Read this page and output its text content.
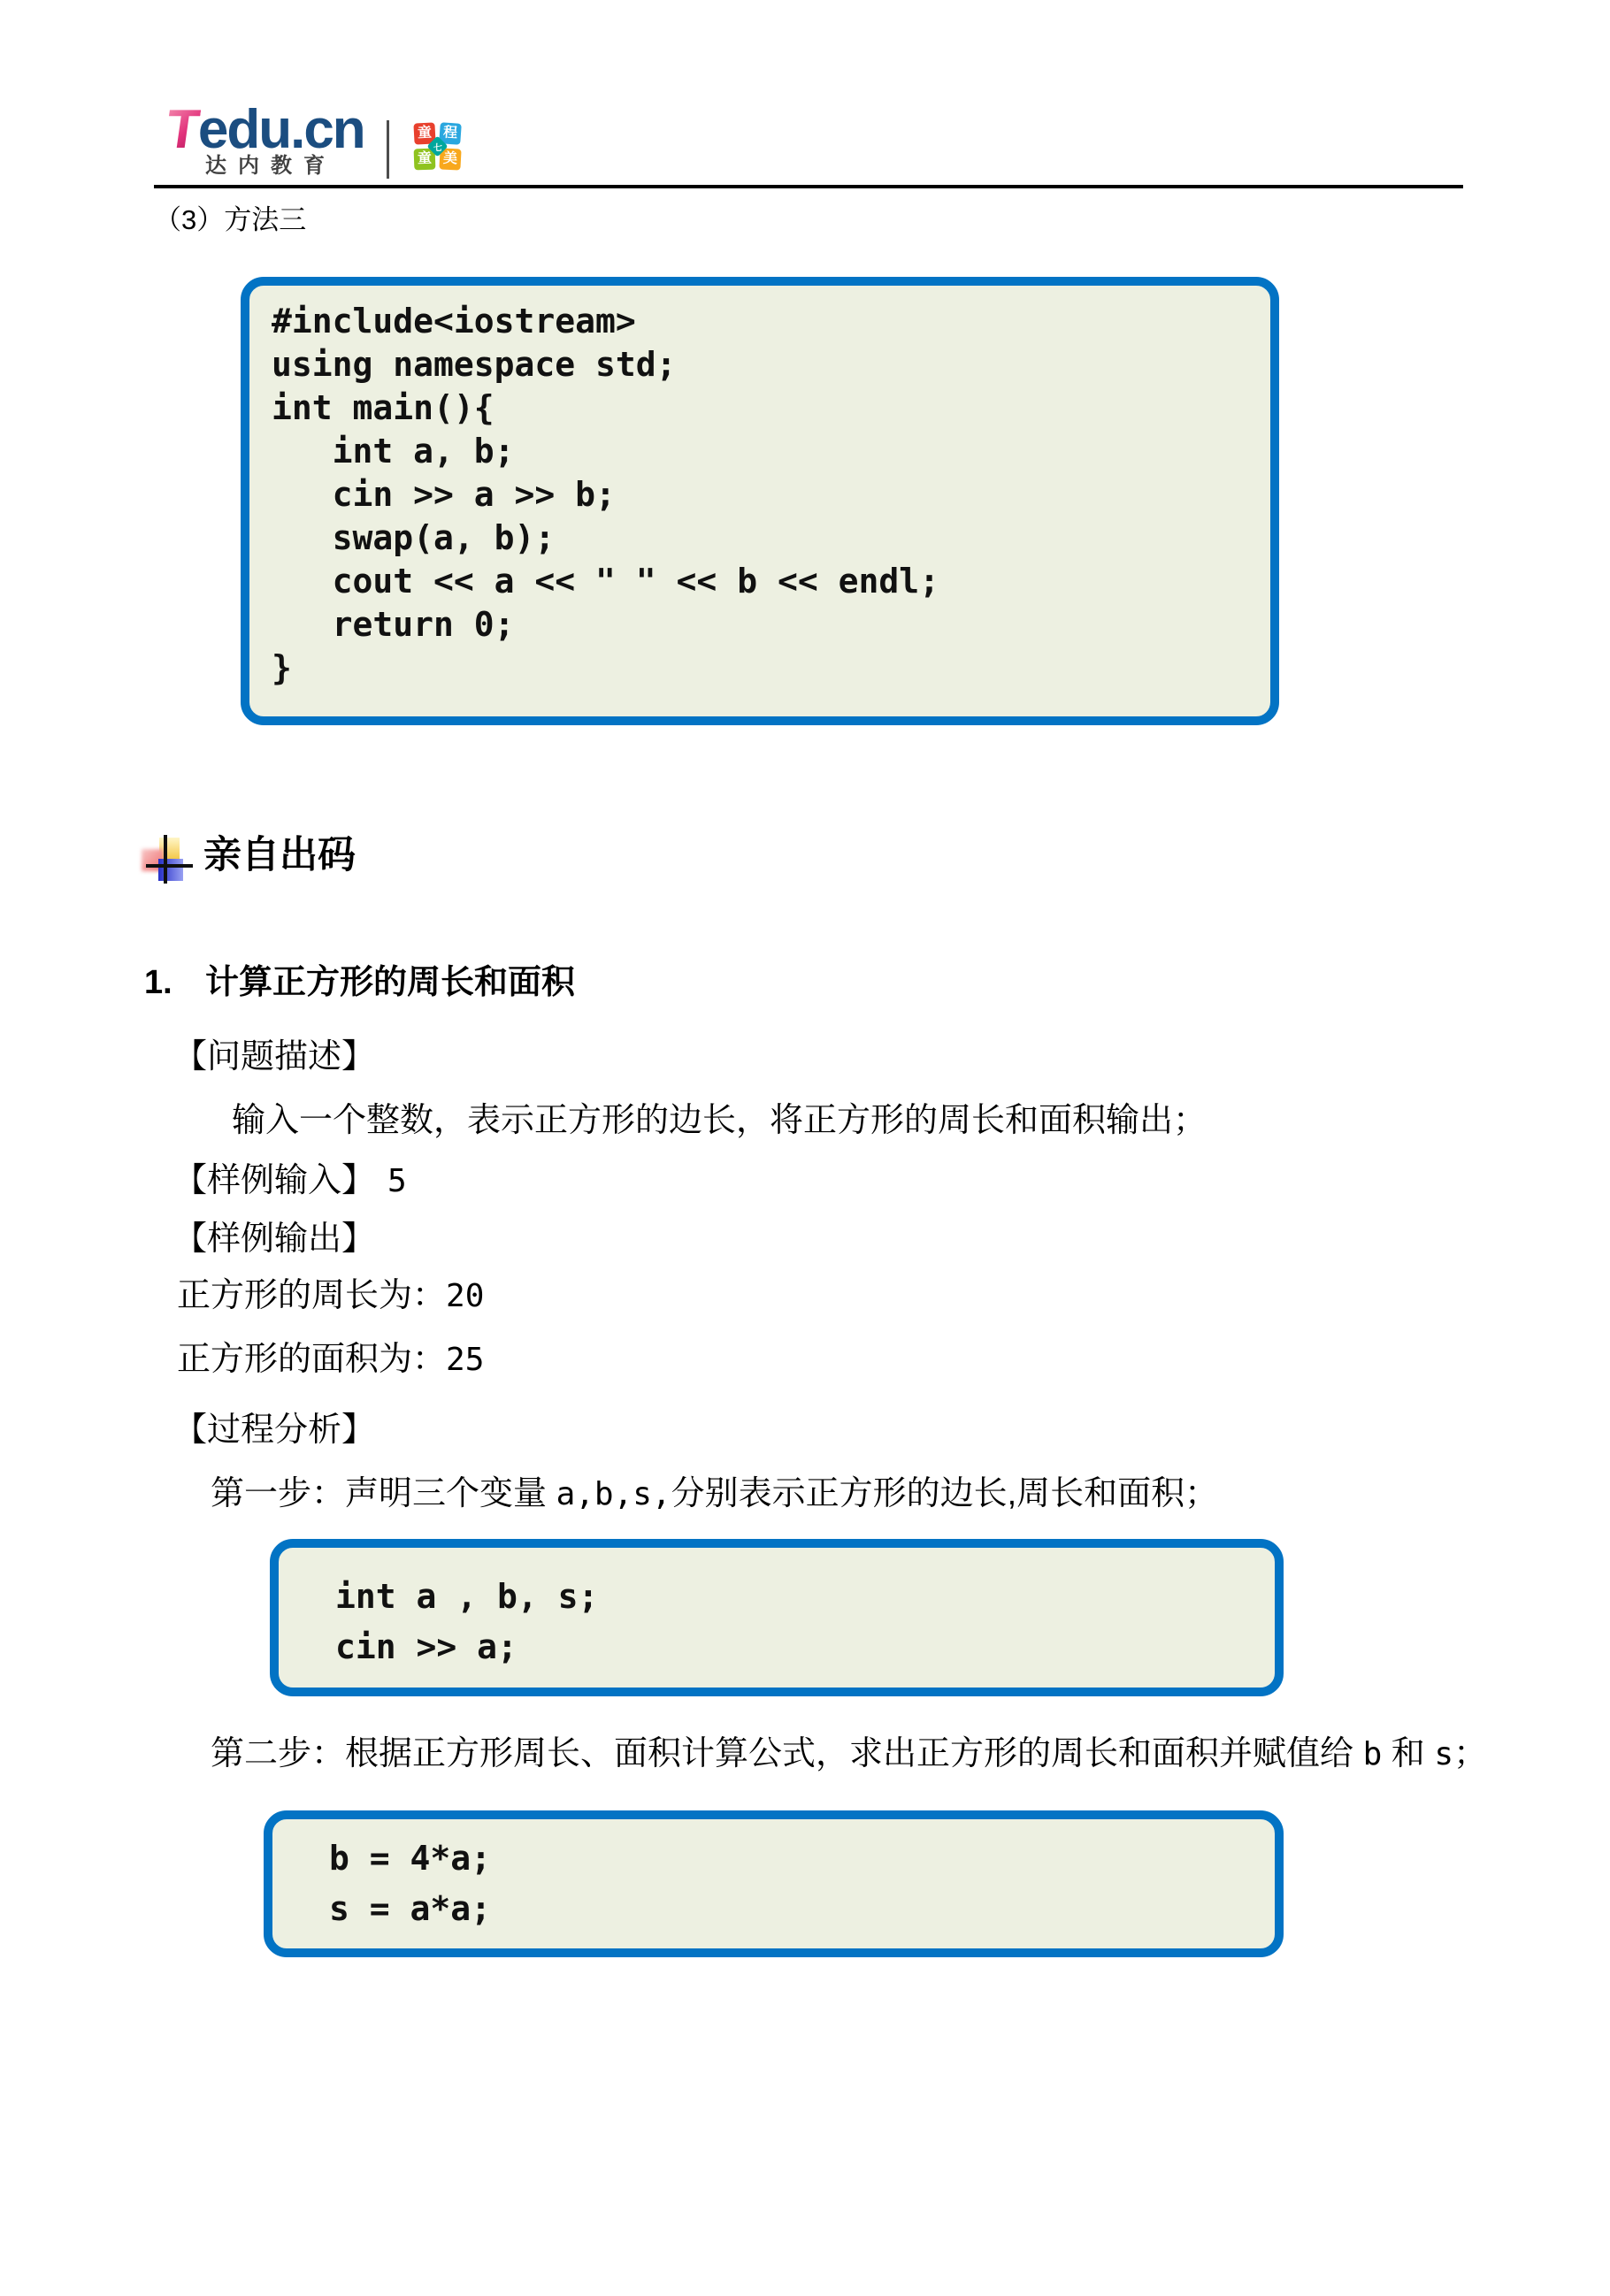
Tedu.cn
达内教育
童 程
童 美
七
（3）方法三
#include<iostream>
using namespace std;
int main(){
int a, b;
cin >> a >> b;
swap(a, b);
cout << a << " " << b << endl;
return 0;
}
亲自出码
1. 计算正方形的周长和面积
【问题描述】
输入一个整数，表示正方形的边长，将正方形的周长和面积输出；
【样例输入】 5
【样例输出】
正方形的周长为：20
正方形的面积为：25
【过程分析】
第一步：声明三个变量 a,b,s,分别表示正方形的边长,周长和面积；
int a , b, s;
cin >> a;
第二步：根据正方形周长、面积计算公式，求出正方形的周长和面积并赋值给 b 和 s；
b = 4*a;
s = a*a;
